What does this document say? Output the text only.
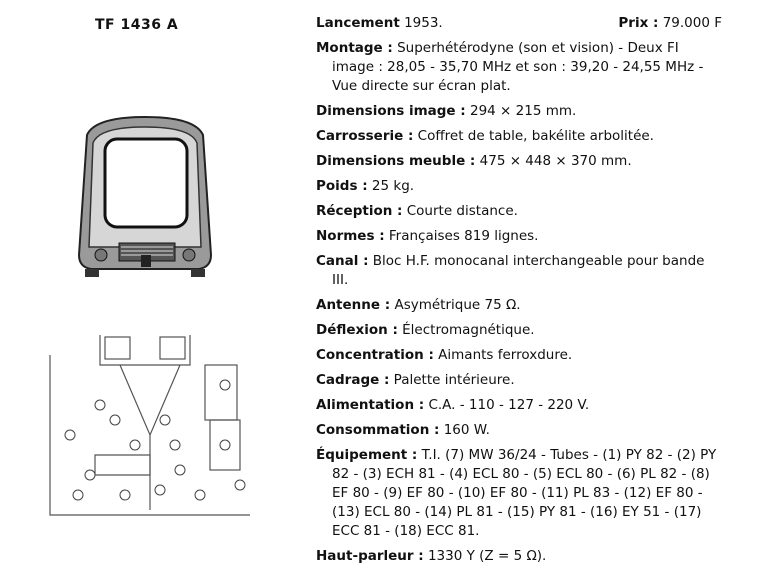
TF 1436 A	Lancement 1953.	Prix : 79.000 F
Montage : Superhétérodyne (son et vision) - Deux FI image : 28,05 - 35,70 MHz et son : 39,20 - 24,55 MHz - Vue directe sur écran plat.
Dimensions image : 294 × 215 mm.
Carrosserie : Coffret de table, bakélite arbolitée.
Dimensions meuble : 475 × 448 × 370 mm.
Poids : 25 kg.
Réception : Courte distance.
Normes : Françaises 819 lignes.
Canal : Bloc H.F. monocanal interchangeable pour bande III.
Antenne : Asymétrique 75 Ω.
Déflexion : Électromagnétique.
Concentration : Aimants ferroxdure.
Cadrage : Palette intérieure.
Alimentation : C.A. - 110 - 127 - 220 V.
Consommation : 160 W.
Équipement : T.I. (7) MW 36/24 - Tubes - (1) PY 82 - (2) PY 82 - (3) ECH 81 - (4) ECL 80 - (5) ECL 80 - (6) PL 82 - (8) EF 80 - (9) EF 80 - (10) EF 80 - (11) PL 83 - (12) EF 80 - (13) ECL 80 - (14) PL 81 - (15) PY 81 - (16) EY 51 - (17) ECC 81 - (18) ECC 81.
Haut-parleur : 1330 Y (Z = 5 Ω).
